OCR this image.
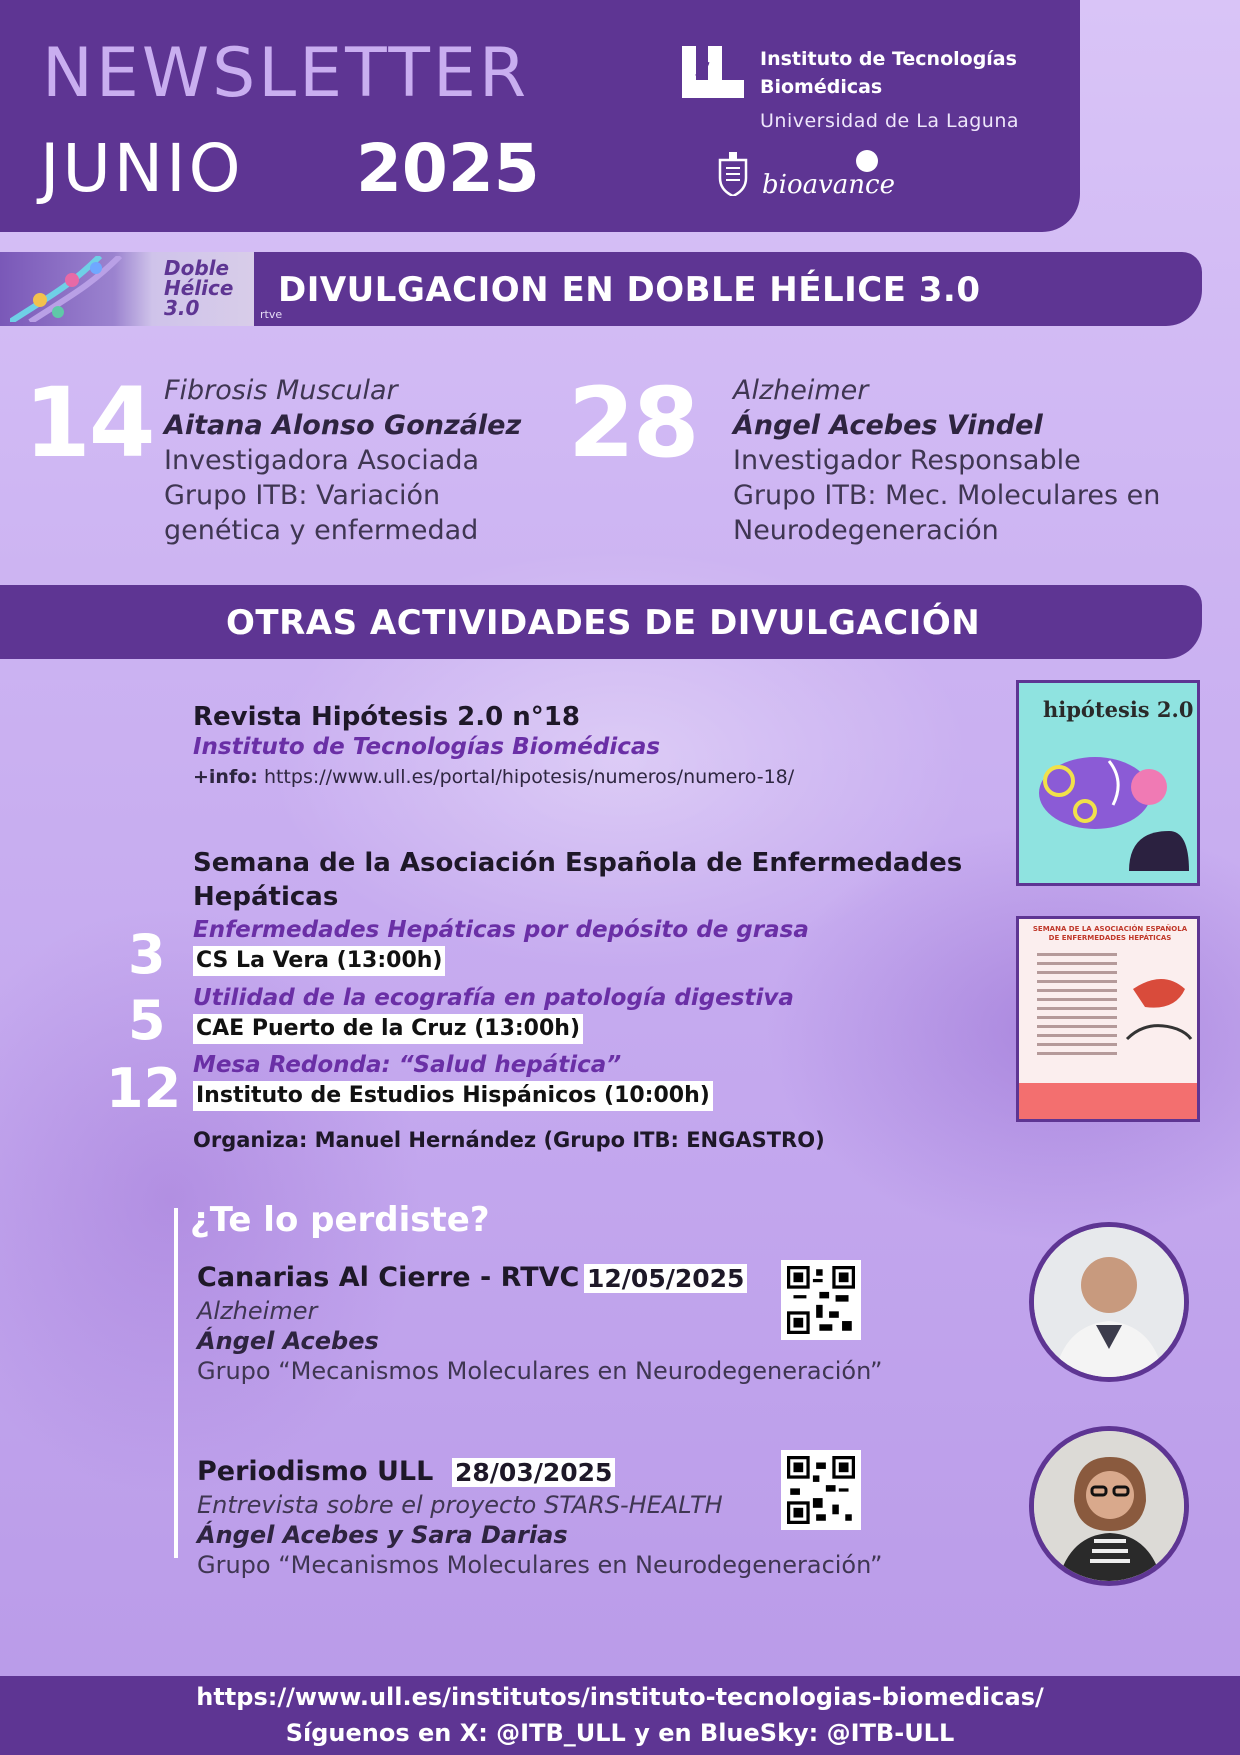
NEWSLETTER
JUNIO 2025
Instituto de Tecnologías
Biomédicas
Universidad de La Laguna
bioavance
DIVULGACION EN DOBLE HÉLICE 3.0
Doble
Hélice
3.0	rtve
14 Fibrosis Muscular
Aitana Alonso González
Investigadora Asociada
Grupo ITB: Variación
genética y enfermedad
28 Alzheimer
Ángel Acebes Vindel
Investigador Responsable
Grupo ITB: Mec. Moleculares en
Neurodegeneración
OTRAS ACTIVIDADES DE DIVULGACIÓN
Revista Hipótesis 2.0 n°18
Instituto de Tecnologías Biomédicas
+info: https://www.ull.es/portal/hipotesis/numeros/numero-18/
hipótesis 2.0
Semana de la Asociación Española de Enfermedades
Hepáticas
3 Enfermedades Hepáticas por depósito de grasa
CS La Vera (13:00h)
5 Utilidad de la ecografía en patología digestiva
CAE Puerto de la Cruz (13:00h)
12 Mesa Redonda: “Salud hepática”
Instituto de Estudios Hispánicos (10:00h)
Organiza: Manuel Hernández (Grupo ITB: ENGASTRO)
SEMANA DE LA ASOCIACIÓN ESPAÑOLA DE ENFERMEDADES HEPÁTICAS
¿Te lo perdiste?
Canarias Al Cierre - RTVC 12/05/2025
Alzheimer
Ángel Acebes
Grupo “Mecanismos Moleculares en Neurodegeneración”
Periodismo ULL 28/03/2025
Entrevista sobre el proyecto STARS-HEALTH
Ángel Acebes y Sara Darias
Grupo “Mecanismos Moleculares en Neurodegeneración”
https://www.ull.es/institutos/instituto-tecnologias-biomedicas/
Síguenos en X: @ITB_ULL y en BlueSky: @ITB-ULL
